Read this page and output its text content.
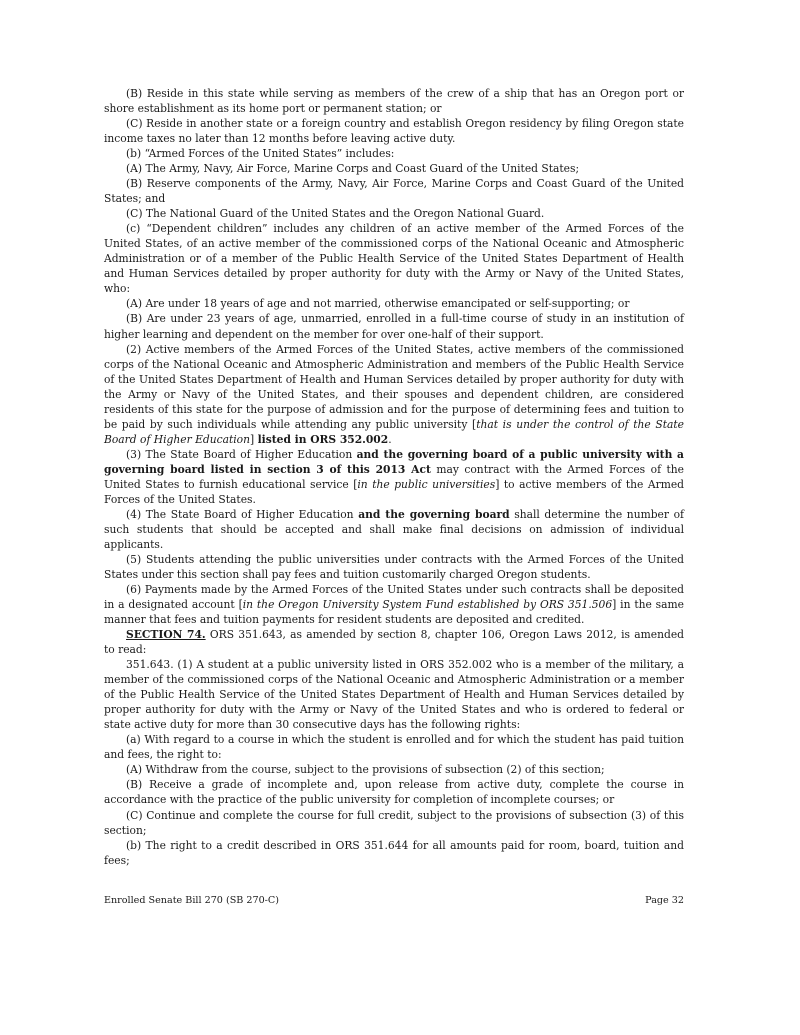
(B) Reside in this state while serving as members of the crew of a ship that has an Oregon port or shore establishment as its home port or permanent station; or

(C) Reside in another state or a foreign country and establish Oregon residency by filing Oregon state income taxes no later than 12 months before leaving active duty.

(b) “Armed Forces of the United States” includes:

(A) The Army, Navy, Air Force, Marine Corps and Coast Guard of the United States;

(B) Reserve components of the Army, Navy, Air Force, Marine Corps and Coast Guard of the United States; and

(C) The National Guard of the United States and the Oregon National Guard.

(c) “Dependent children” includes any children of an active member of the Armed Forces of the United States, of an active member of the commissioned corps of the National Oceanic and Atmospheric Administration or of a member of the Public Health Service of the United States Department of Health and Human Services detailed by proper authority for duty with the Army or Navy of the United States, who:

(A) Are under 18 years of age and not married, otherwise emancipated or self-supporting; or

(B) Are under 23 years of age, unmarried, enrolled in a full-time course of study in an institution of higher learning and dependent on the member for over one-half of their support.

(2) Active members of the Armed Forces of the United States, active members of the commissioned corps of the National Oceanic and Atmospheric Administration and members of the Public Health Service of the United States Department of Health and Human Services detailed by proper authority for duty with the Army or Navy of the United States, and their spouses and dependent children, are considered residents of this state for the purpose of admission and for the purpose of determining fees and tuition to be paid by such individuals while attending any public university [that is under the control of the State Board of Higher Education] listed in ORS 352.002.

(3) The State Board of Higher Education and the governing board of a public university with a governing board listed in section 3 of this 2013 Act may contract with the Armed Forces of the United States to furnish educational service [in the public universities] to active members of the Armed Forces of the United States.

(4) The State Board of Higher Education and the governing board shall determine the number of such students that should be accepted and shall make final decisions on admission of individual applicants.

(5) Students attending the public universities under contracts with the Armed Forces of the United States under this section shall pay fees and tuition customarily charged Oregon students.

(6) Payments made by the Armed Forces of the United States under such contracts shall be deposited in a designated account [in the Oregon University System Fund established by ORS 351.506] in the same manner that fees and tuition payments for resident students are deposited and credited.

SECTION 74. ORS 351.643, as amended by section 8, chapter 106, Oregon Laws 2012, is amended to read:

351.643. (1) A student at a public university listed in ORS 352.002 who is a member of the military, a member of the commissioned corps of the National Oceanic and Atmospheric Administration or a member of the Public Health Service of the United States Department of Health and Human Services detailed by proper authority for duty with the Army or Navy of the United States and who is ordered to federal or state active duty for more than 30 consecutive days has the following rights:

(a) With regard to a course in which the student is enrolled and for which the student has paid tuition and fees, the right to:

(A) Withdraw from the course, subject to the provisions of subsection (2) of this section;

(B) Receive a grade of incomplete and, upon release from active duty, complete the course in accordance with the practice of the public university for completion of incomplete courses; or

(C) Continue and complete the course for full credit, subject to the provisions of subsection (3) of this section;

(b) The right to a credit described in ORS 351.644 for all amounts paid for room, board, tuition and fees;

Enrolled Senate Bill 270 (SB 270-C)	Page 32
